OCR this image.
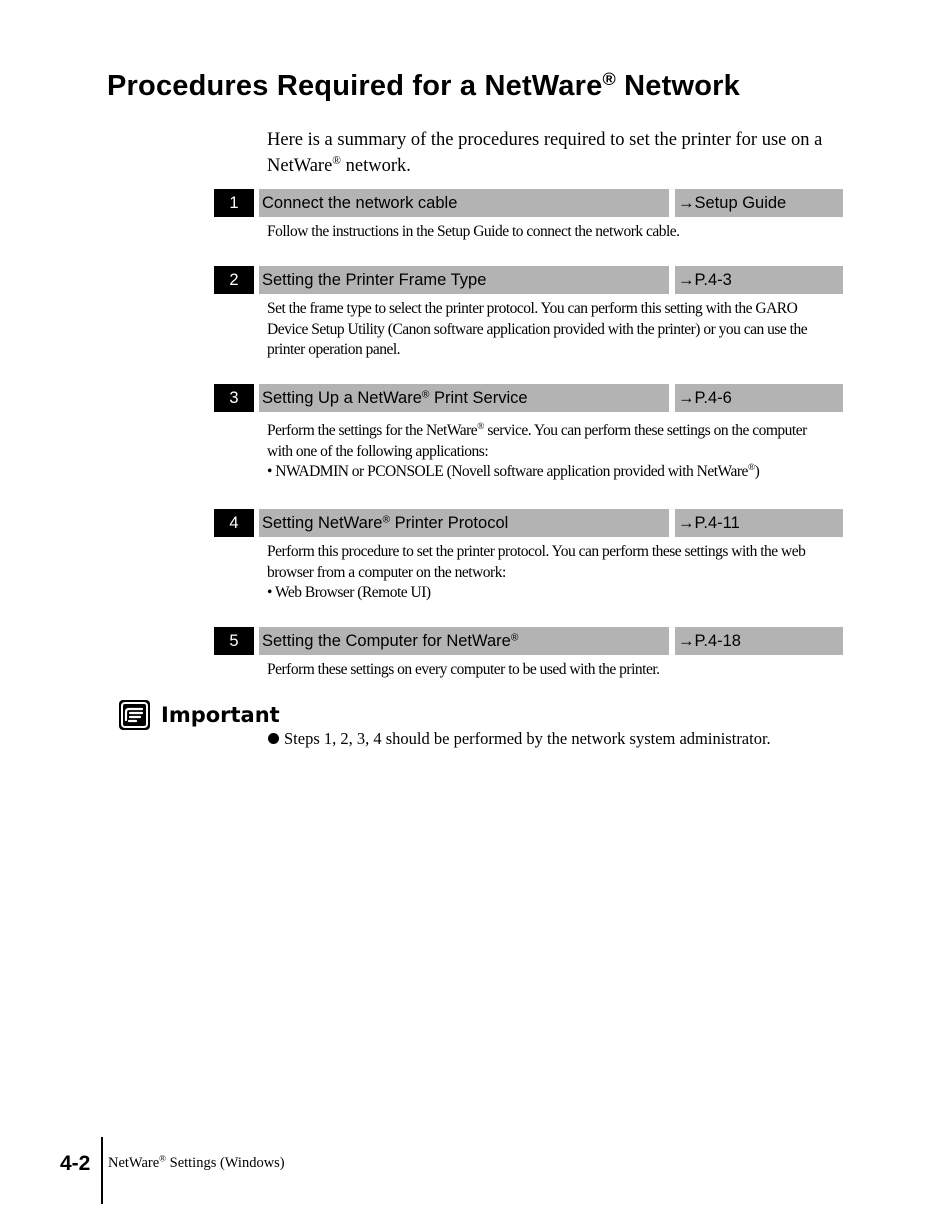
Procedures Required for a NetWare® Network

Here is a summary of the procedures required to set the printer for use on a NetWare® network.

1	Connect the network cable	→Setup Guide
Follow the instructions in the Setup Guide to connect the network cable.
2	Setting the Printer Frame Type	→P.4-3
Set the frame type to select the printer protocol. You can perform this setting with the GARO
Device Setup Utility (Canon software application provided with the printer) or you can use the
printer operation panel.
3	Setting Up a NetWare® Print Service	→P.4-6
Perform the settings for the NetWare® service. You can perform these settings on the computer
with one of the following applications:
• NWADMIN or PCONSOLE (Novell software application provided with NetWare®)
4	Setting NetWare® Printer Protocol	→P.4-11
Perform this procedure to set the printer protocol. You can perform these settings with the web
browser from a computer on the network:
• Web Browser (Remote UI)
5	Setting the Computer for NetWare®	→P.4-18
Perform these settings on every computer to be used with the printer.
Important
Steps 1, 2, 3, 4 should be performed by the network system administrator.
4-2 NetWare® Settings (Windows)
